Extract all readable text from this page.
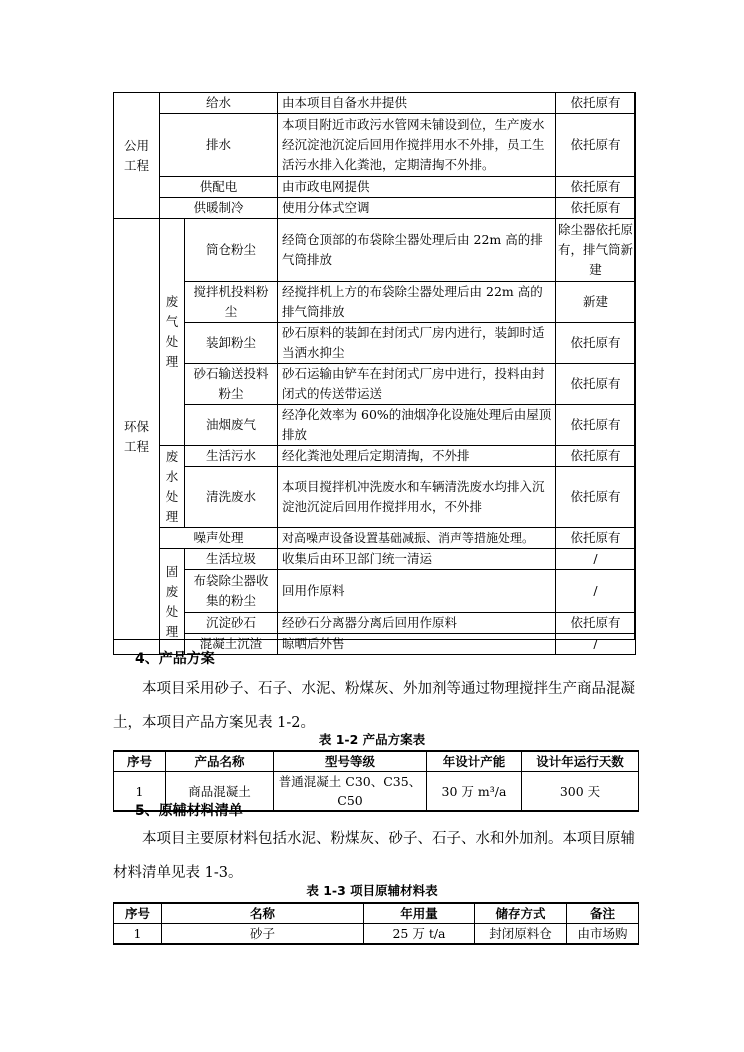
公用工程	给水		由本项目自备水井提供	依托原有
	排水		本项目附近市政污水管网未铺设到位，生产废水经沉淀池沉淀后回用作搅拌用水不外排，员工生活污水排入化粪池，定期清掏不外排。	依托原有
	供配电		由市政电网提供	依托原有
	供暖制冷		使用分体式空调	依托原有
环保工程	废气处理	筒仓粉尘	经筒仓顶部的布袋除尘器处理后由 22m 高的排气筒排放	除尘器依托原有，排气筒新建
		搅拌机投料粉尘	经搅拌机上方的布袋除尘器处理后由 22m 高的排气筒排放	新建
		装卸粉尘	砂石原料的装卸在封闭式厂房内进行，装卸时适当洒水抑尘	依托原有
		砂石输送投料粉尘	砂石运输由铲车在封闭式厂房中进行，投料由封闭式的传送带运送	依托原有
		油烟废气	经净化效率为 60%的油烟净化设施处理后由屋顶排放	依托原有
	废水处理	生活污水	经化粪池处理后定期清掏，不外排	依托原有
		清洗废水	本项目搅拌机冲洗废水和车辆清洗废水均排入沉淀池沉淀后回用作搅拌用水，不外排	依托原有
	噪声处理		对高噪声设备设置基础减振、消声等措施处理。	依托原有
	固废处理	生活垃圾	收集后由环卫部门统一清运	/
		布袋除尘器收集的粉尘	回用作原料	/
		沉淀砂石	经砂石分离器分离后回用作原料	依托原有
		混凝土沉渣	晾晒后外售	/
4、产品方案
本项目采用砂子、石子、水泥、粉煤灰、外加剂等通过物理搅拌生产商品混凝土，本项目产品方案见表 1-2。
表 1-2 产品方案表
序号	产品名称	型号等级	年设计产能	设计年运行天数
1	商品混凝土	普通混凝土 C30、C35、C50	30 万 m³/a	300 天
5、原辅材料清单
本项目主要原材料包括水泥、粉煤灰、砂子、石子、水和外加剂。本项目原辅材料清单见表 1-3。
表 1-3 项目原辅材料表
序号	名称	年用量	储存方式	备注
1	砂子	25 万 t/a	封闭原料仓	由市场购
